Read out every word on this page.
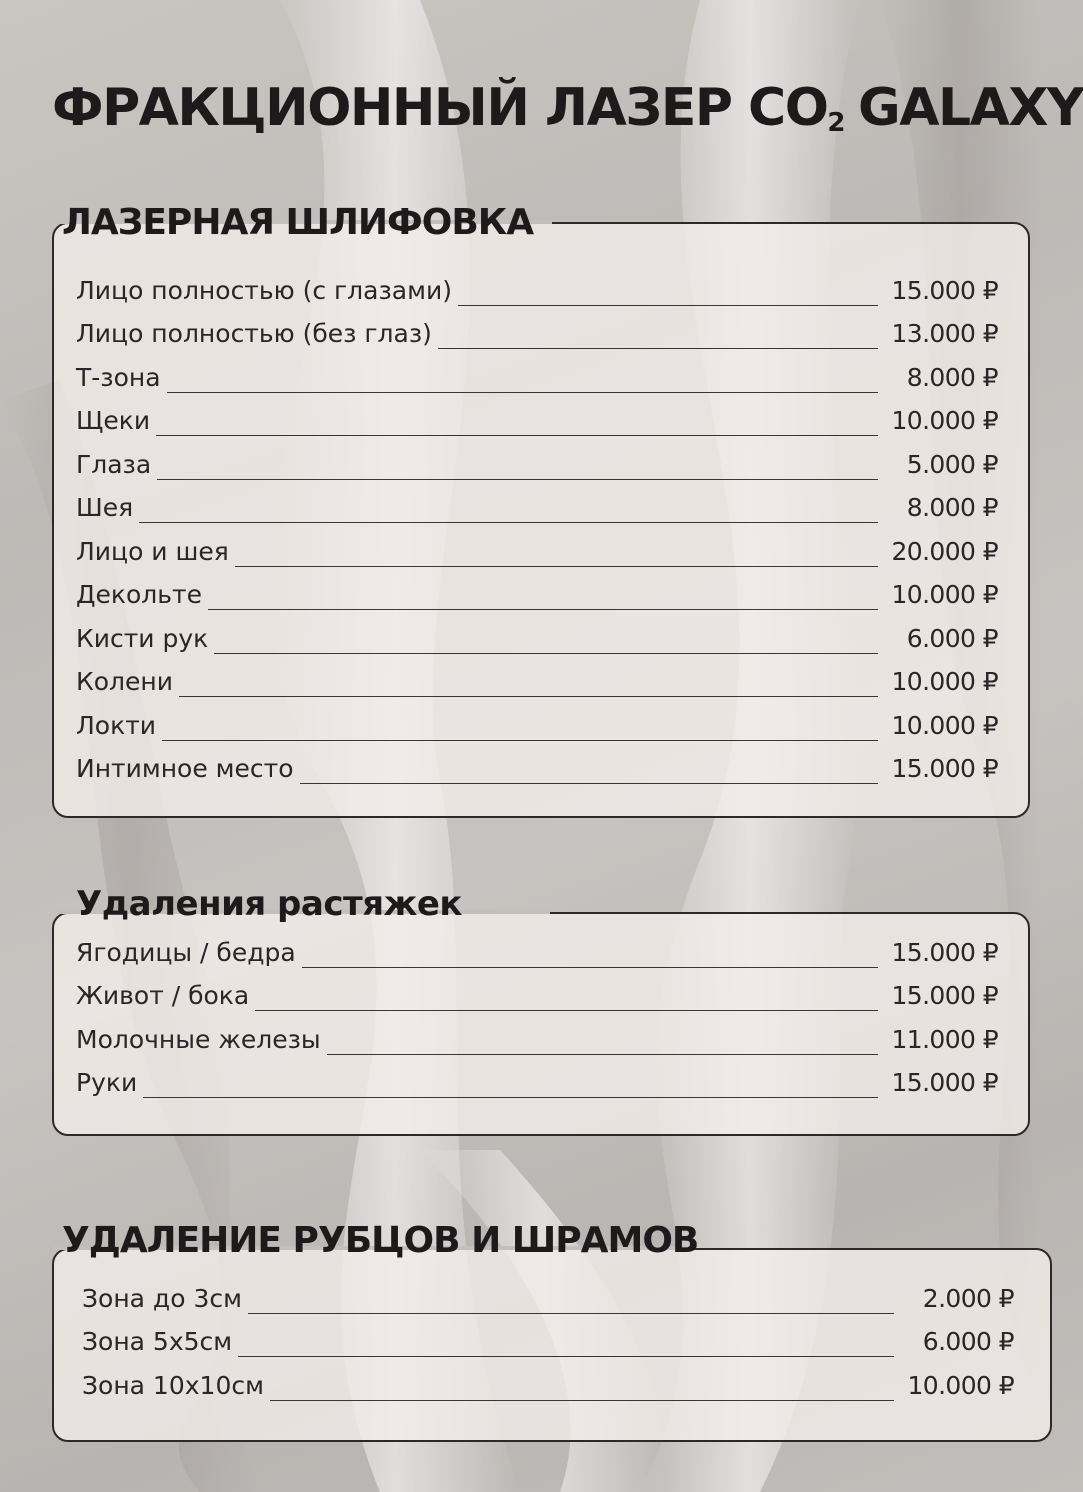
ФРАКЦИОННЫЙ ЛАЗЕР $CO_2$ GALAXY
ЛАЗЕРНАЯ ШЛИФОВКА
Лицо полностью (с глазами)	15.000 ₽
Лицо полностью (без глаз)	13.000 ₽
Т-зона	8.000 ₽
Щеки	10.000 ₽
Глаза	5.000 ₽
Шея	8.000 ₽
Лицо и шея	20.000 ₽
Декольте	10.000 ₽
Кисти рук	6.000 ₽
Колени	10.000 ₽
Локти	10.000 ₽
Интимное место	15.000 ₽
Удаления растяжек
Ягодицы / бедра	15.000 ₽
Живот / бока	15.000 ₽
Молочные железы	11.000 ₽
Руки	15.000 ₽
УДАЛЕНИЕ РУБЦОВ И ШРАМОВ
Зона до 3см	2.000 ₽
Зона 5x5см	6.000 ₽
Зона 10x10см	10.000 ₽
